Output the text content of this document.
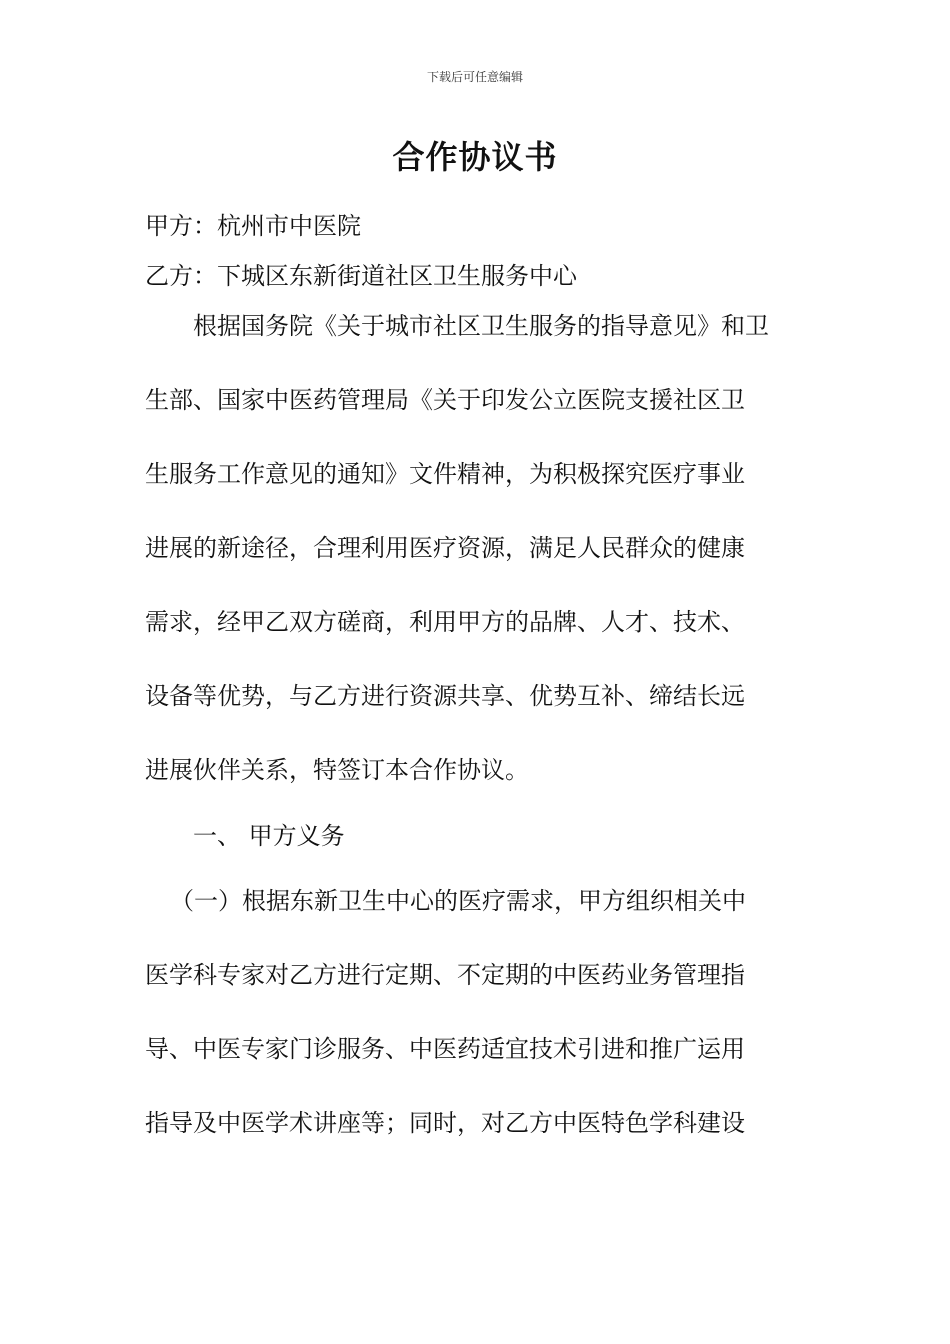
下载后可任意编辑
合作协议书
甲方：杭州市中医院
乙方：下城区东新街道社区卫生服务中心
根据国务院《关于城市社区卫生服务的指导意见》和卫
生部、国家中医药管理局《关于印发公立医院支援社区卫
生服务工作意见的通知》文件精神，为积极探究医疗事业
进展的新途径，合理利用医疗资源，满足人民群众的健康
需求，经甲乙双方磋商，利用甲方的品牌、人才、技术、
设备等优势，与乙方进行资源共享、优势互补、缔结长远
进展伙伴关系，特签订本合作协议。
一、 甲方义务
（一）根据东新卫生中心的医疗需求，甲方组织相关中
医学科专家对乙方进行定期、不定期的中医药业务管理指
导、中医专家门诊服务、中医药适宜技术引进和推广运用
指导及中医学术讲座等；同时，对乙方中医特色学科建设
